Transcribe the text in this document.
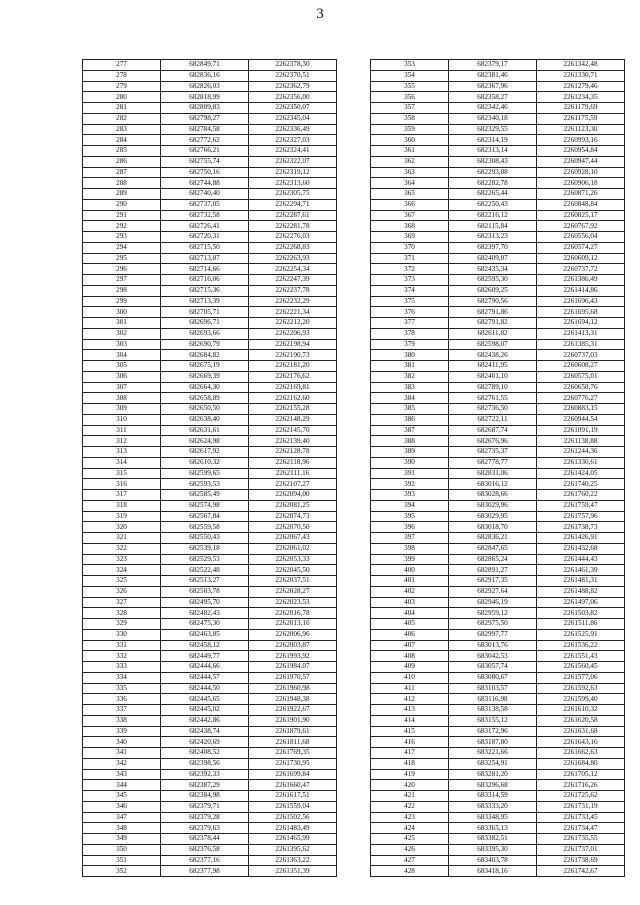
3
277	682849,71	2262378,30
278	682836,16	2262370,51
279	682826,03	2262362,79
280	682818,99	2262356,00
281	682809,83	2262350,07
282	682798,27	2262345,04
283	682784,58	2262336,49
284	682772,62	2262327,03
285	682766,21	2262324,41
286	682755,74	2262322,07
287	682750,16	2262319,12
288	682744,88	2262313,60
289	682740,40	2262305,75
290	682737,05	2262294,71
291	682732,58	2262287,61
292	682726,41	2262281,78
293	682720,31	2262276,03
294	682715,50	2262268,83
295	682713,87	2262263,93
296	682714,66	2262254,34
297	682716,06	2262247,39
298	682715,36	2262237,78
299	682713,39	2262232,29
300	682705,71	2262221,34
301	682696,71	2262212,20
302	682693,66	2262206,93
303	682690,79	2262198,94
304	682684,82	2262190,73
305	682675,19	2262181,20
306	682669,39	2262176,62
307	682664,30	2262169,81
308	682658,89	2262162,60
309	682650,50	2262155,28
310	682638,40	2262148,29
311	682631,61	2262145,70
312	682624,98	2262139,40
313	682617,92	2262128,78
314	682610,32	2262118,96
315	682599,65	2262111,16
316	682593,53	2262107,27
317	682585,49	2262094,00
318	682574,98	2262081,25
319	682567,84	2262074,73
320	682559,58	2262070,50
321	682550,43	2262067,43
322	682539,18	2262061,02
323	682529,53	2262053,33
324	682522,48	2262045,50
325	682513,27	2262037,51
326	682503,78	2262028,27
327	682495,70	2262023,53
328	682482,43	2262016,78
329	682475,30	2262013,16
330	682463,85	2262006,96
331	682458,12	2262003,87
332	682449,77	2261993,92
333	682444,66	2261984,07
334	682444,57	2261970,57
335	682444,50	2261960,98
336	682445,65	2261948,38
337	682445,02	2261922,67
338	682442,86	2261901,90
339	682438,74	2261879,61
340	682420,69	2261811,68
341	682408,52	2261769,35
342	682398,56	2261730,95
343	682392,33	2261699,84
344	682387,29	2261660,47
345	682384,98	2261617,51
346	682379,71	2261559,04
347	682379,28	2261502,56
348	682379,63	2261483,49
349	682378,44	2261465,99
350	682376,58	2261395,62
351	682377,16	2261363,22
352	682377,98	2261351,39
353	682379,17	2261342,48
354	682381,46	2261330,71
355	682367,96	2261279,46
356	682358,27	2261234,35
357	682342,46	2261179,69
358	682340,18	2261175,59
359	682329,55	2261123,30
360	682314,19	2260993,16
361	682313,14	2260954,84
362	682308,43	2260947,44
363	682293,08	2260928,10
364	682282,78	2260906,18
365	682265,44	2260871,26
366	682250,43	2260848,84
367	682216,12	2260825,17
368	682115,84	2260767,92
369	682313,23	2260556,04
370	682397,70	2260574,27
371	682409,07	2260609,12
372	682435,34	2260737,72
373	682595,30	2261386,49
374	682609,25	2261414,86
375	682790,56	2261696,43
376	682791,86	2261695,68
377	682791,82	2261694,12
378	682611,82	2261413,31
379	682598,07	2261385,31
380	682438,26	2260737,03
381	682411,95	2260608,27
382	682401,10	2260575,01
383	682789,10	2260658,76
384	682761,55	2260776,27
385	682736,50	2260883,15
386	682722,11	2260944,54
387	682687,74	2261091,19
388	682676,96	2261138,88
389	682735,37	2261244,36
390	682778,77	2261330,61
391	682831,06	2261424,05
392	683016,12	2261740,25
393	683028,66	2261760,22
394	683029,96	2261759,47
395	683029,95	2261757,96
396	683018,70	2261738,73
397	682836,21	2261426,91
398	682847,65	2261432,68
399	682865,24	2261444,43
400	682891,27	2261461,39
401	682917,35	2261481,31
402	682927,64	2261488,82
403	682946,19	2261497,06
404	682959,12	2261503,82
405	682975,50	2261511,86
406	682997,77	2261525,91
407	683013,76	2261536,22
408	683042,53	2261551,43
409	683057,74	2261560,45
410	683080,67	2261577,06
411	683103,57	2261592,63
412	683116,98	2261599,40
413	683138,58	2261610,32
414	683155,12	2261620,58
415	683172,96	2261631,68
416	683187,80	2261643,16
417	683221,66	2261662,63
418	683254,91	2261684,80
419	683281,20	2261705,12
420	683296,68	2261716,26
421	683314,59	2261725,62
422	683333,20	2261731,19
423	683348,95	2261733,45
424	683365,13	2261734,47
425	683382,51	2261735,55
426	683395,30	2261737,01
427	683403,78	2261738,69
428	683418,16	2261742,67
